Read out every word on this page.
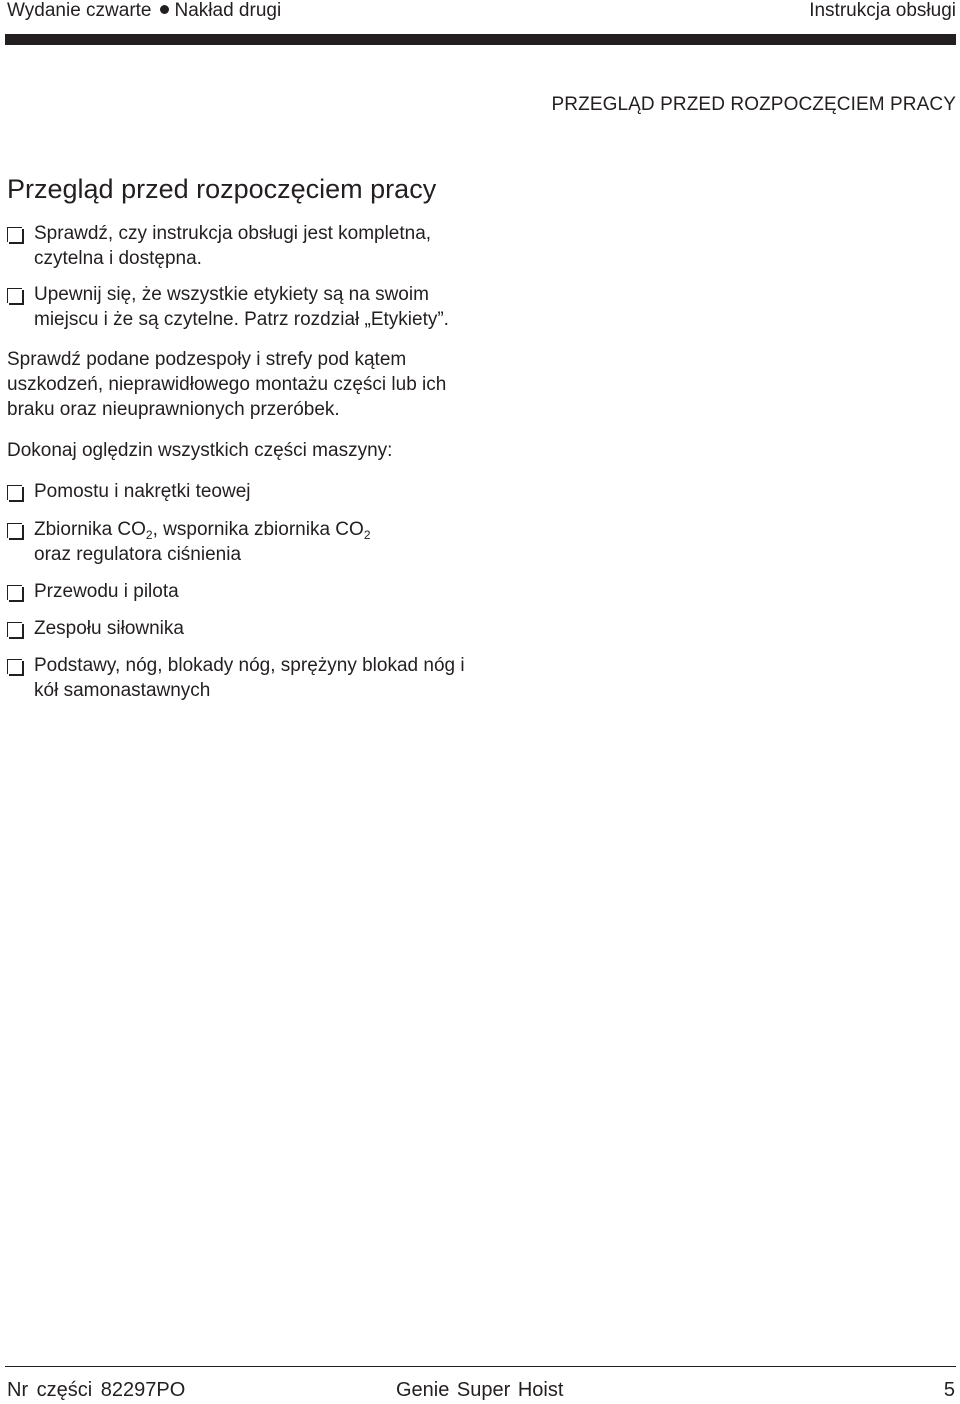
Wydanie czwarte Nakład drugi	Instrukcja obsługi
PRZEGLĄD PRZED ROZPOCZĘCIEM PRACY
Przegląd przed rozpoczęciem pracy
Sprawdź, czy instrukcja obsługi jest kompletna, czytelna i dostępna.
Upewnij się, że wszystkie etykiety są na swoim miejscu i że są czytelne. Patrz rozdział „Etykiety”.

Sprawdź podane podzespoły i strefy pod kątem uszkodzeń, nieprawidłowego montażu części lub ich braku oraz nieuprawnionych przeróbek.

Dokonaj oględzin wszystkich części maszyny:

Pomostu i nakrętki teowej
Zbiornika $CO_2$, wspornika zbiornika $CO_2$
oraz regulatora ciśnienia
Przewodu i pilota
Zespołu siłownika
Podstawy, nóg, blokady nóg, sprężyny blokad nóg i kół samonastawnych
Nr części 82297PO	Genie Super Hoist	5
